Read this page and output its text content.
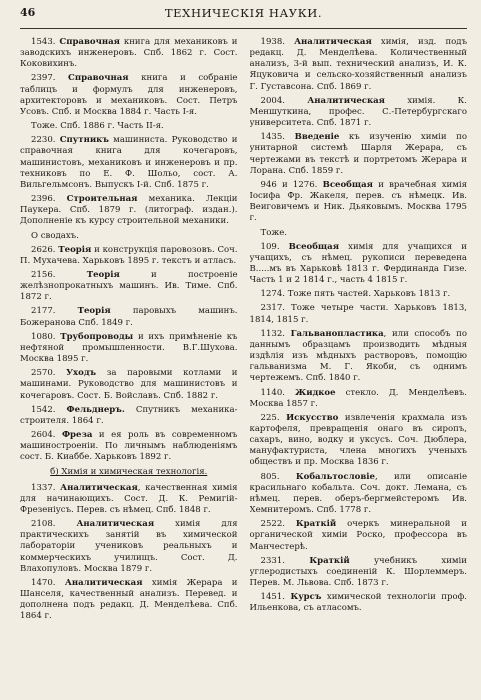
46	ТЕХНИЧЕСКIЯ НАУКИ.

1543. Справочная книга для механиковъ и заводскихъ инженеровъ. Спб. 1862 г. Сост. Коковихинъ.

2397. Справочная книга и собранiе таблицъ и формулъ для инженеровъ, архитекторовъ и механиковъ. Сост. Петръ Усовъ. Спб. и Москва 1884 г. Часть I-я.

Тоже. Спб. 1886 г. Часть II-я.

2230. Спутникъ машиниста. Руководство и справочная книга для кочегаровъ, машинистовъ, механиковъ и инженеровъ и пр. техниковъ по Е. Ф. Шольо, сост. А. Вильгельмсонъ. Выпускъ I-й. Спб. 1875 г.

2396. Строительная механика. Лекцiи Паукера. Спб. 1879 г. (литограф. издан.). Дополненiе къ курсу строительной механики.

О сводахъ.

2626. Теорiя и конструкцiя паровозовъ. Соч. П. Мухачева. Харьковъ 1895 г. текстъ и атласъ.

2156.	Теорiя и построенiе желѣзнопрокатныхъ машинъ. Ив. Тиме. Спб. 1872 г.

2177.	Теорiя паровыхъ машинъ. Божеранова Спб. 1849 г.

1080. Трубопроводы и ихъ примѣненiе къ нефтяной промышленности. В.Г.Шухова. Москва 1895 г.

2570. Уходъ за паровыми котлами и машинами. Руководство для машинистовъ и кочегаровъ. Сост. Б. Войславъ. Спб. 1882 г.

1542. Фельднеръ. Спутникъ механика-строителя. 1864 г.

2604. Фреза и ея роль въ современномъ машиностроенiи. По личнымъ наблюденiямъ сост. Б. Киаббе. Харьковъ 1892 г.

б) Химiя и химическая технологiя.

1337. Аналитическая, качественная химiя для начинающихъ. Сост. Д. К. Ремигiй-Фрезенiусъ. Перев. съ нѣмец. Спб. 1848 г.

2108. Аналитическая химiя для практическихъ занятiй въ химической лабораторiи учениковъ реальныхъ и коммерческихъ училищъ. Сост. Д. Влахопуловъ. Москва 1879 г.

1470. Аналитическая химiя Жерара и Шанселя, качественный анализъ. Перевед. и дополнена подъ редакц. Д. Менделѣева. Спб. 1864 г.

1938. Аналитическая химiя, изд. подъ редакц. Д. Менделѣева. Количественный анализъ, 3-й вып. технический анализъ, И. К. Яцуковича и сельско-хозяйственный анализъ Г. Густавсона. Спб. 1869 г.

2004.	Аналитическая химiя. К. Меншуткина, профес. С.-Петербургскаго университета. Спб. 1871 г.

1435. Введенiе къ изученiю химiи по унитарной системѣ Шарля Жерара, съ чертежами въ текстѣ и портретомъ Жерара и Лорана. Спб. 1859 г.

946 и 1276. Всеобщая и врачебная химiя Iосифа Фр. Жакеля, перев. съ нѣмецк. Ив. Веиговичемъ и Ник. Дьяковымъ. Москва 1795 г.

Тоже.

109. Всеобщая химiя для учащихся и учащихъ, съ нѣмец. рукописи переведена В.....мъ въ Харьковѣ 1813 г. Фердинанда Гизе. Часть 1 и 2 1814 г., часть 4 1815 г.

1274. Тоже пять частей. Харьковъ 1813 г.

2317. Тоже четыре части. Харьковъ 1813, 1814, 1815 г.

1132. Гальванопластика, или способъ по даннымъ образцамъ производить мѣдныя издѣлiя изъ мѣдныхъ растворовъ, помощiю гальванизма М. Г. Якоби, съ однимъ чертежемъ. Спб. 1840 г.

1140. Жидкое стекло. Д. Менделѣевъ. Москва 1857 г.

225. Искусство извлеченiя крахмала изъ картофеля, превращенiя онаго въ сиропъ, сахаръ, вино, водку и уксусъ. Соч. Дюблера, мануфактуриста, члена многихъ ученыхъ обществъ и пр. Москва 1836 г.

805. Кобальтословiе, или описанiе красильнаго кобальта. Соч. докт. Лемана, съ нѣмец. перев. оберъ-бергмейстеромъ Ив. Хемнитеромъ. Спб. 1778 г.

2522. Краткiй очеркъ минеральной и органической химiи Роско, профессора въ Манчестерѣ.

2331.	Краткiй учебникъ химiи углеродистыхъ соединенiй К. Шорлеммеръ. Перев. М. Львова. Спб. 1873 г.

1451. Курсъ химической технологiи проф. Ильенкова, съ атласомъ.
